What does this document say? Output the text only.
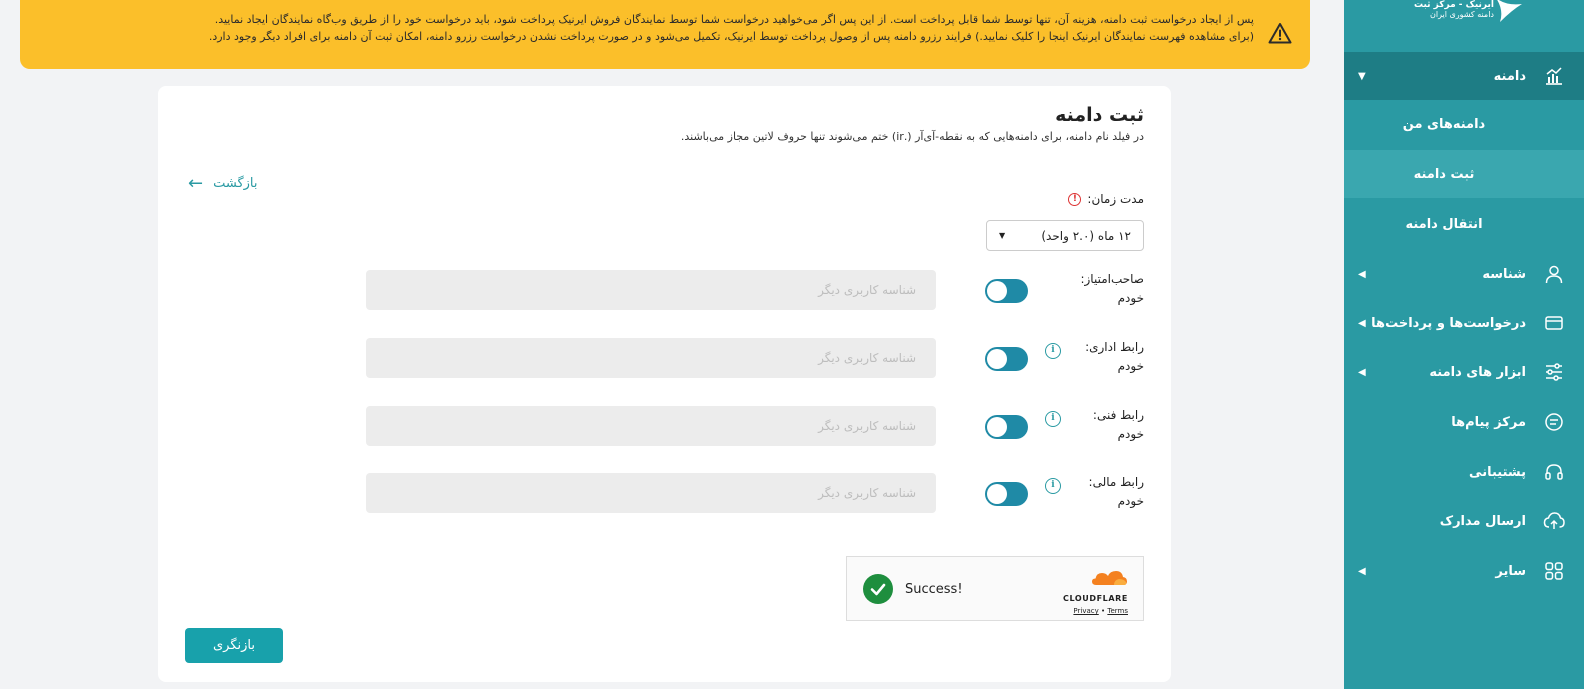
پس از ایجاد درخواست ثبت دامنه، هزینه آن، تنها توسط شما قابل پرداخت است. از این پس اگر می‌خواهید درخواست شما توسط نمایندگان فروش ایرنیک پرداخت شود، باید درخواست خود را از طریق وب‌گاه نمایندگان ایجاد نمایید.

(برای مشاهده فهرست نمایندگان ایرنیک اینجا را کلیک نمایید.) فرایند رزرو دامنه پس از وصول پرداخت توسط ایرنیک، تکمیل می‌شود و در صورت پرداخت نشدن درخواست رزرو دامنه، امکان ثبت آن دامنه برای افراد دیگر وجود دارد.

ثبت دامنه
در فیلد نام دامنه، برای دامنه‌هایی که به نقطه-آی‌آر (.ir) ختم می‌شوند تنها حروف لاتین مجاز می‌باشند.
← بازگشت
مدت زمان:
!
۱۲ ماه (۲.۰ واحد)
▼
صاحب‌امتیاز:
خودم
شناسه کاربری دیگر
رابط اداری:
خودم
i
شناسه کاربری دیگر
رابط فنی:
خودم
i
شناسه کاربری دیگر
رابط مالی:
خودم
i
شناسه کاربری دیگر
Success!
CLOUDFLARE
Privacy • Terms
بازنگری
ایرنیک - مرکز ثبت
دامنه کشوری ایران
دامنه
▼
دامنه‌های من
ثبت دامنه
انتقال دامنه
شناسه
◀
درخواست‌ها و پرداخت‌ها
◀
ابزار های دامنه
◀
مرکز پیام‌ها
پشتیبانی
ارسال مدارک
سایر
◀
